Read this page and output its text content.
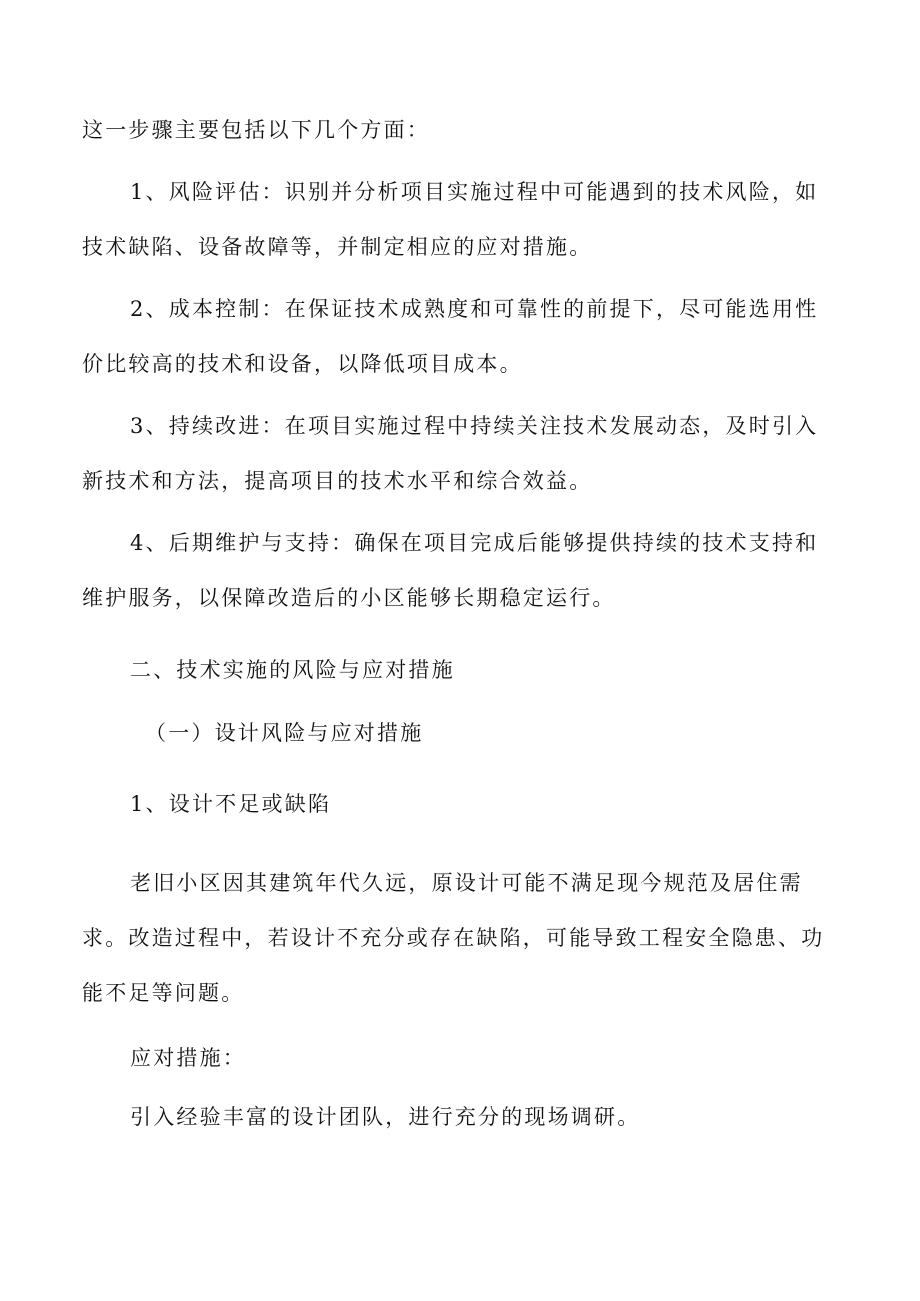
这一步骤主要包括以下几个方面：

1、风险评估：识别并分析项目实施过程中可能遇到的技术风险，如

技术缺陷、设备故障等，并制定相应的应对措施。

2、成本控制：在保证技术成熟度和可靠性的前提下，尽可能选用性

价比较高的技术和设备，以降低项目成本。

3、持续改进：在项目实施过程中持续关注技术发展动态，及时引入

新技术和方法，提高项目的技术水平和综合效益。

4、后期维护与支持：确保在项目完成后能够提供持续的技术支持和

维护服务，以保障改造后的小区能够长期稳定运行。

二、技术实施的风险与应对措施

（一）设计风险与应对措施

1、设计不足或缺陷

老旧小区因其建筑年代久远，原设计可能不满足现今规范及居住需

求。改造过程中，若设计不充分或存在缺陷，可能导致工程安全隐患、功

能不足等问题。

应对措施：

引入经验丰富的设计团队，进行充分的现场调研。
